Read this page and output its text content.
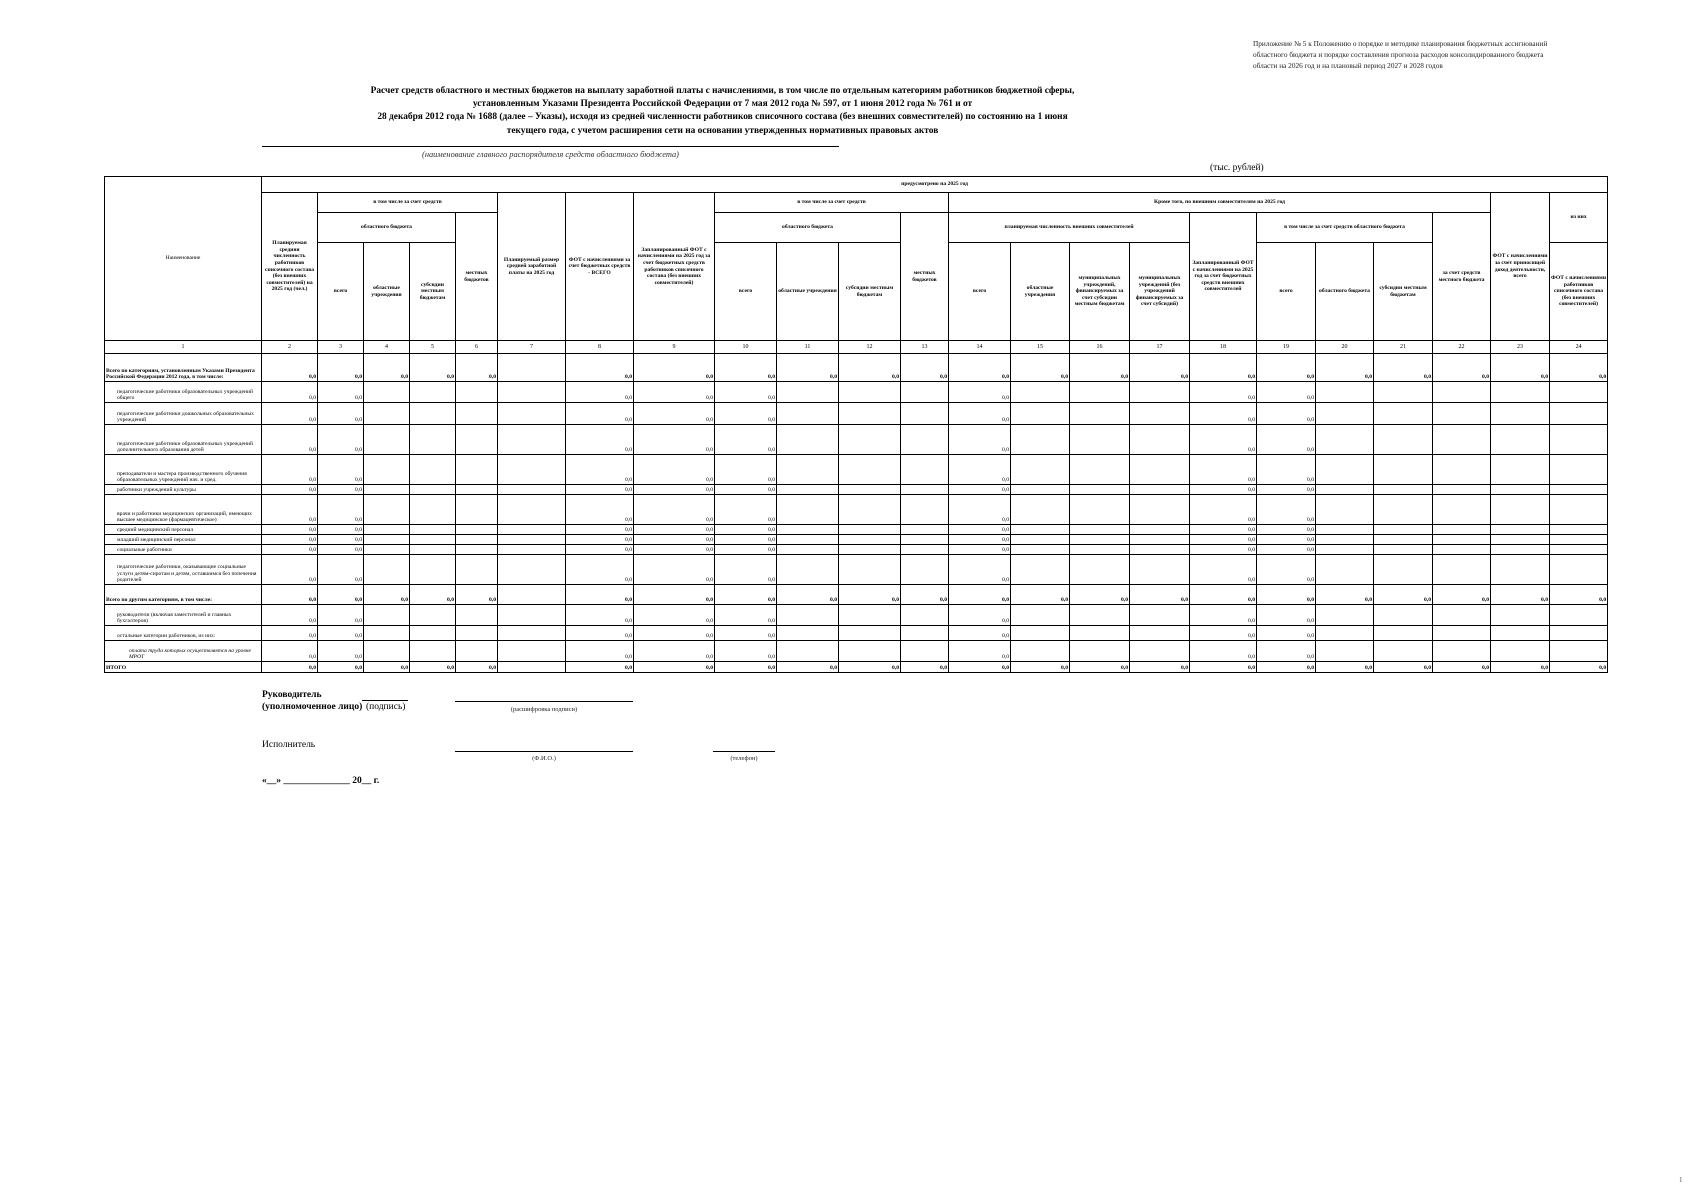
Приложение № 5 к Положению о порядке и методике планирования бюджетных ассигнований
областного бюджета и порядке составления прогноза расходов консолидированного бюджета
области на 2026 год и на плановый период 2027 и 2028 годов
Расчет средств областного и местных бюджетов на выплату заработной платы с начислениями, в том числе по отдельным категориям работников бюджетной сферы,
установленным Указами Президента Российской Федерации от 7 мая 2012 года № 597, от 1 июня 2012 года № 761 и от
28 декабря 2012 года № 1688 (далее – Указы), исходя из средней численности работников списочного состава (без внешних совместителей) по состоянию на 1 июня
текущего года, с учетом расширения сети на основании утвержденных нормативных правовых актов
(наименование главного распорядителя средств областного бюджета)
(тыс. рублей)
Наименование	предусмотрено на 2025 год																						
	Планируемая средняя численность работников списочного состава (без внешних совместителей) на 2025 год (чел.)	в том числе за счет средств				Планируемый размер средней заработной платы на 2025 год	ФОТ с начислениями за счет бюджетных средств - ВСЕГО	Запланированный ФОТ с начислениями на 2025 год за счет бюджетных средств работников списочного состава (без внешних совместителей)	в том числе за счет средств				Кроме того, по внешним совместителям на 2025 год									ФОТ с начислениями за счет приносящей доход деятельности, всего	из них
		областного бюджета			местных бюджетов				областного бюджета			местных бюджетов	планируемая численность внешних совместителей				Запланированный ФОТ с начислениями на 2025 год за счет бюджетных средств внешних совместителей	в том числе за счет средств областного бюджета			за счет средств местного бюджета		
		всего	областные учреждения	субсидии местным бюджетам					всего	областные учреждения	субсидии местным бюджетам		всего	областные учреждения	муниципальных учреждений, финансируемых за счет субсидии местным бюджетам	муниципальных учреждений (без учреждений финансируемых за счет субсидий)		всего	областного бюджета	субсидии местным бюджетам			ФОТ с начислениями работников списочного состава (без внешних совместителей)
1	2	3	4	5	6	7	8	9	10	11	12	13	14	15	16	17	18	19	20	21	22	23	24
Всего по категориям, установленным Указами Президента Российской Федерации 2012 года, в том числе:	0,0	0,0	0,0	0,0	0,0		0,0	0,0	0,0	0,0	0,0	0,0	0,0	0,0	0,0	0,0	0,0	0,0	0,0	0,0	0,0	0,0	0,0
педагогические работники образовательных учреждений общего	0,0	0,0					0,0	0,0	0,0				0,0				0,0	0,0					
педагогические работники дошкольных образовательных учреждений	0,0	0,0					0,0	0,0	0,0				0,0				0,0	0,0					
педагогические работники образовательных учреждений дополнительного образования детей	0,0	0,0					0,0	0,0	0,0				0,0				0,0	0,0					
преподаватели и мастера производственного обучения образовательных учреждений нач. и сред.	0,0	0,0					0,0	0,0	0,0				0,0				0,0	0,0					
работники учреждений культуры	0,0	0,0					0,0	0,0	0,0				0,0				0,0	0,0					
врачи и работники медицинских организаций, имеющих высшее медицинское (фармацевтическое)	0,0	0,0					0,0	0,0	0,0				0,0				0,0	0,0					
средний медицинский персонал	0,0	0,0					0,0	0,0	0,0				0,0				0,0	0,0					
младший медицинский персонал	0,0	0,0					0,0	0,0	0,0				0,0				0,0	0,0					
социальные работники	0,0	0,0					0,0	0,0	0,0				0,0				0,0	0,0					
педагогические работники, оказывающие социальные услуги детям-сиротам и детям, оставшимся без попечения родителей	0,0	0,0					0,0	0,0	0,0				0,0				0,0	0,0					
Всего по другим категориям, в том числе:	0,0	0,0	0,0	0,0	0,0		0,0	0,0	0,0	0,0	0,0	0,0	0,0	0,0	0,0	0,0	0,0	0,0	0,0	0,0	0,0	0,0	0,0
руководители (включая заместителей и главных бухгалтеров)	0,0	0,0					0,0	0,0	0,0				0,0				0,0	0,0					
остальные категории работников, из них:	0,0	0,0					0,0	0,0	0,0				0,0				0,0	0,0					
оплата труда которых осуществляется на уровне МРОТ	0,0	0,0					0,0	0,0	0,0				0,0				0,0	0,0					
ИТОГО	0,0	0,0	0,0	0,0	0,0		0,0	0,0	0,0	0,0	0,0	0,0	0,0	0,0	0,0	0,0	0,0	0,0	0,0	0,0	0,0	0,0	0,0
Руководитель
(уполномоченное лицо) (подпись)	(расшифровка подписи)
Исполнитель
(Ф.И.О.)	(телефон)
«__» ______________ 20__ г.
1
